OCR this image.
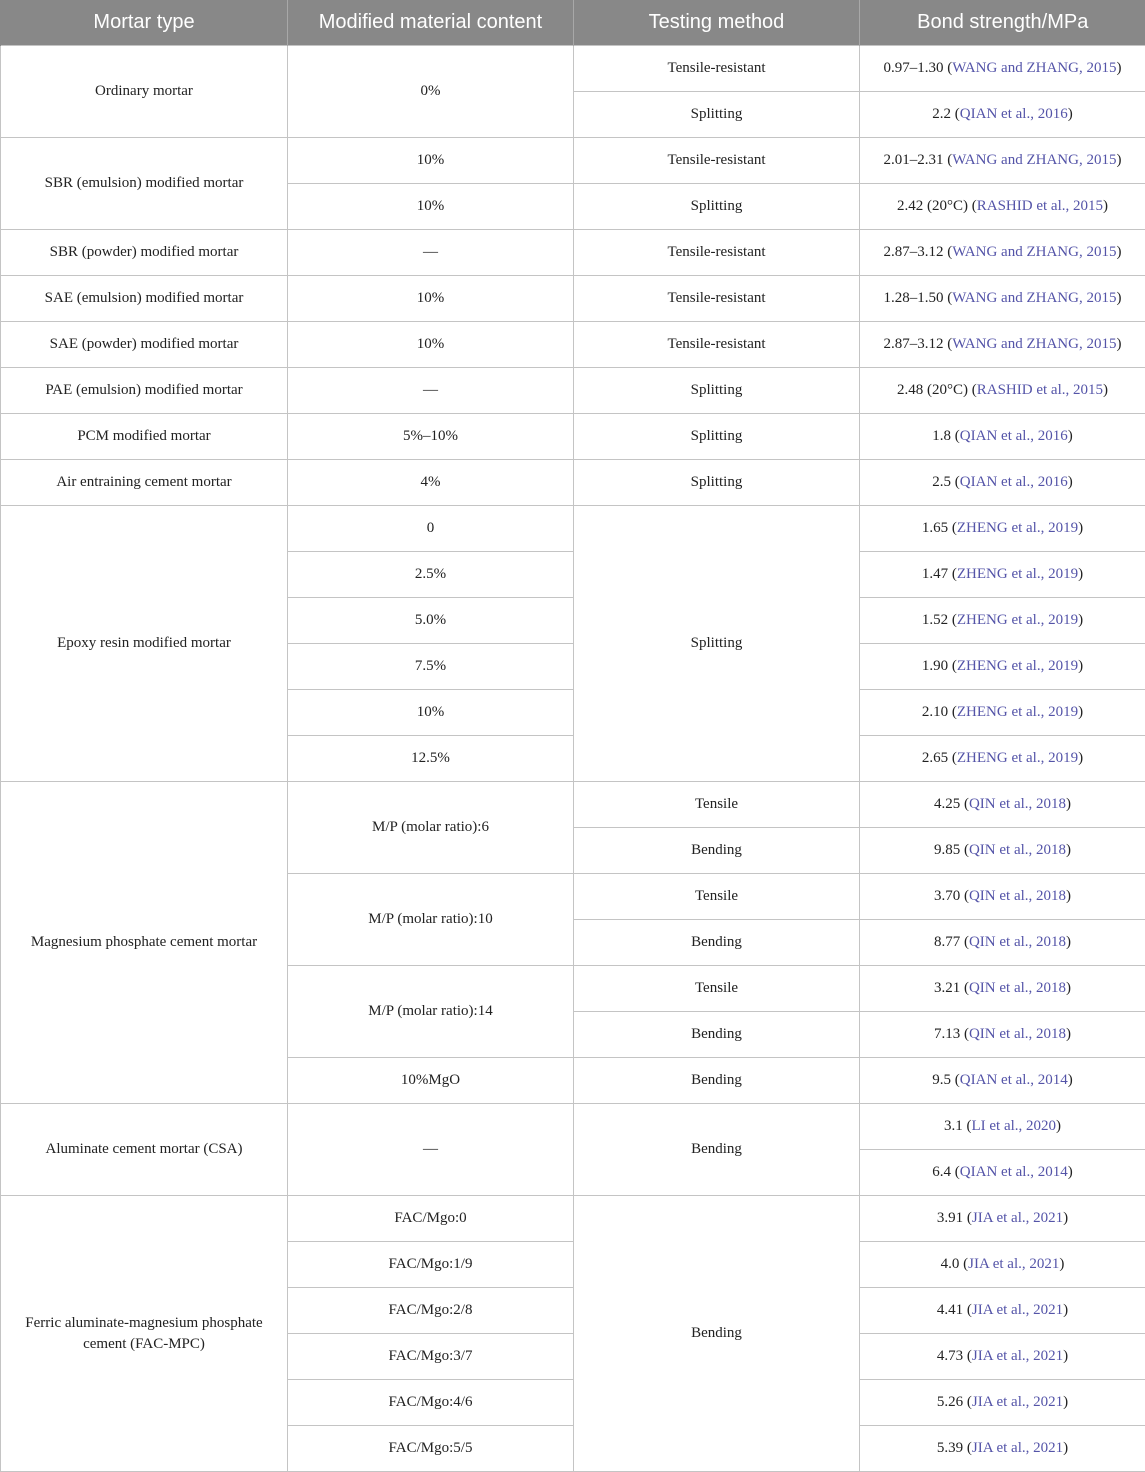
Mortar type	Modified material content	Testing method	Bond strength/MPa
Ordinary mortar	0%	Tensile-resistant	0.97–1.30 (WANG and ZHANG, 2015)
		Splitting	2.2 (QIAN et al., 2016)
SBR (emulsion) modified mortar	10%	Tensile-resistant	2.01–2.31 (WANG and ZHANG, 2015)
	10%	Splitting	2.42 (20°C) (RASHID et al., 2015)
SBR (powder) modified mortar	—	Tensile-resistant	2.87–3.12 (WANG and ZHANG, 2015)
SAE (emulsion) modified mortar	10%	Tensile-resistant	1.28–1.50 (WANG and ZHANG, 2015)
SAE (powder) modified mortar	10%	Tensile-resistant	2.87–3.12 (WANG and ZHANG, 2015)
PAE (emulsion) modified mortar	—	Splitting	2.48 (20°C) (RASHID et al., 2015)
PCM modified mortar	5%–10%	Splitting	1.8 (QIAN et al., 2016)
Air entraining cement mortar	4%	Splitting	2.5 (QIAN et al., 2016)
Epoxy resin modified mortar	0	Splitting	1.65 (ZHENG et al., 2019)
	2.5%		1.47 (ZHENG et al., 2019)
	5.0%		1.52 (ZHENG et al., 2019)
	7.5%		1.90 (ZHENG et al., 2019)
	10%		2.10 (ZHENG et al., 2019)
	12.5%		2.65 (ZHENG et al., 2019)
Magnesium phosphate cement mortar	M/P (molar ratio):6	Tensile	4.25 (QIN et al., 2018)
		Bending	9.85 (QIN et al., 2018)
	M/P (molar ratio):10	Tensile	3.70 (QIN et al., 2018)
		Bending	8.77 (QIN et al., 2018)
	M/P (molar ratio):14	Tensile	3.21 (QIN et al., 2018)
		Bending	7.13 (QIN et al., 2018)
	10%MgO	Bending	9.5 (QIAN et al., 2014)
Aluminate cement mortar (CSA)	—	Bending	3.1 (LI et al., 2020)
			6.4 (QIAN et al., 2014)
Ferric aluminate-magnesium phosphate cement (FAC-MPC)	FAC/Mgo:0	Bending	3.91 (JIA et al., 2021)
	FAC/Mgo:1/9		4.0 (JIA et al., 2021)
	FAC/Mgo:2/8		4.41 (JIA et al., 2021)
	FAC/Mgo:3/7		4.73 (JIA et al., 2021)
	FAC/Mgo:4/6		5.26 (JIA et al., 2021)
	FAC/Mgo:5/5		5.39 (JIA et al., 2021)
